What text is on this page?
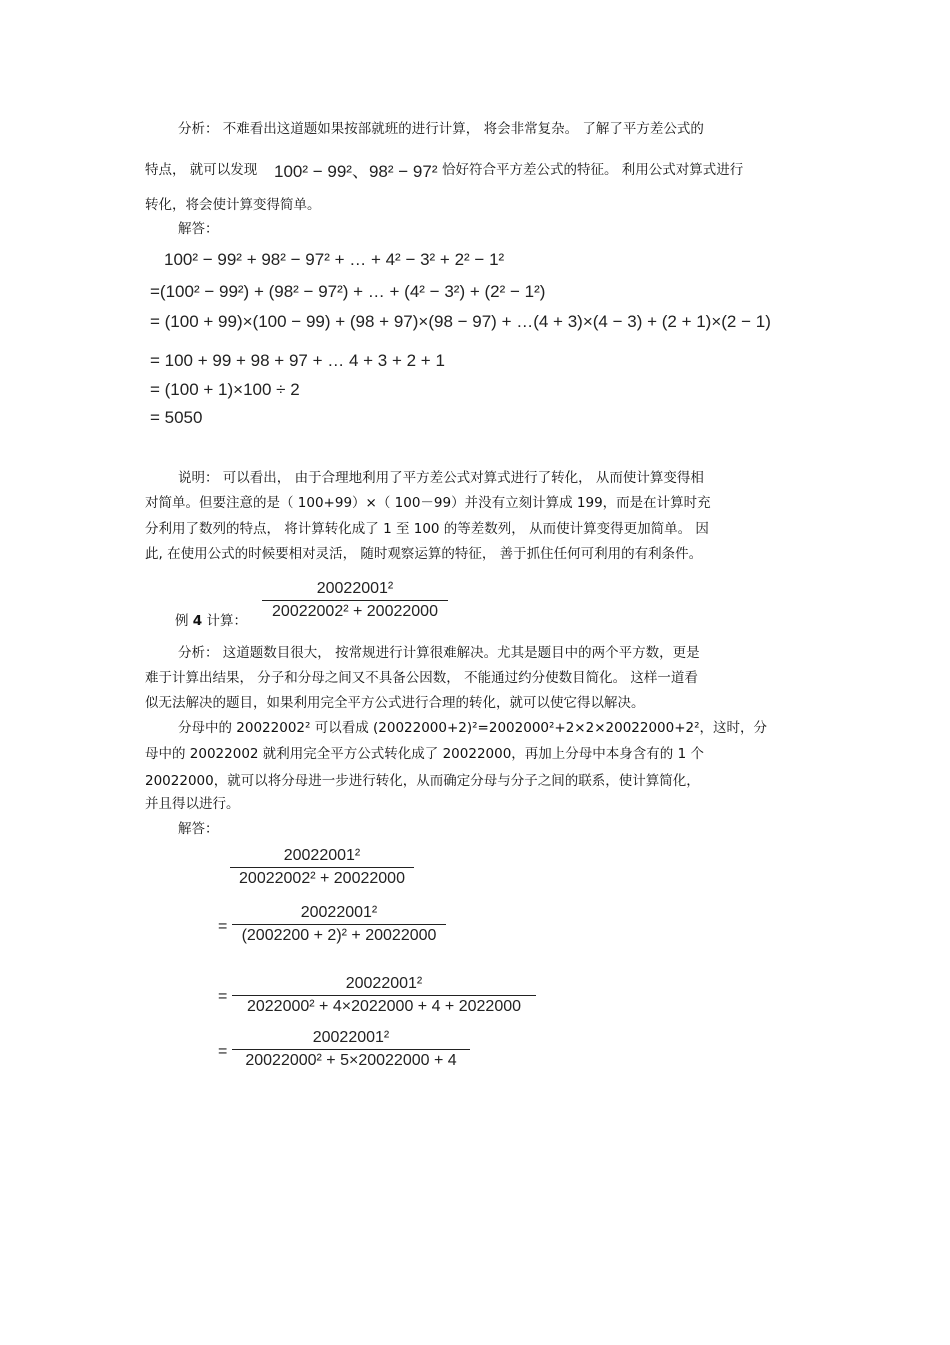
分析： 不难看出这道题如果按部就班的进行计算， 将会非常复杂。 了解了平方差公式的
特点， 就可以发现 100² − 99²、98² − 97² 恰好符合平方差公式的特征。 利用公式对算式进行
转化，将会使计算变得简单。
解答：
100² − 99² + 98² − 97² + … + 4² − 3² + 2² − 1²
=(100² − 99²) + (98² − 97²) + … + (4² − 3²) + (2² − 1²)
= (100 + 99)×(100 − 99) + (98 + 97)×(98 − 97) + …(4 + 3)×(4 − 3) + (2 + 1)×(2 − 1)
= 100 + 99 + 98 + 97 + … 4 + 3 + 2 + 1
= (100 + 1)×100 ÷ 2
= 5050
说明： 可以看出， 由于合理地利用了平方差公式对算式进行了转化， 从而使计算变得相
对简单。但要注意的是（ 100+99）×（ 100－99）并没有立刻计算成 199，而是在计算时充
分利用了数列的特点， 将计算转化成了 1 至 100 的等差数列， 从而使计算变得更加简单。 因
此, 在使用公式的时候要相对灵活， 随时观察运算的特征， 善于抓住任何可利用的有利条件。
例 4 计算：
20022001²
20022002² + 20022000
分析： 这道题数目很大， 按常规进行计算很难解决。尤其是题目中的两个平方数，更是
难于计算出结果， 分子和分母之间又不具备公因数， 不能通过约分使数目简化。 这样一道看
似无法解决的题目，如果利用完全平方公式进行合理的转化，就可以使它得以解决。
分母中的 20022002² 可以看成 (20022000+2)²=2002000²+2×2×20022000+2²，这时，分
母中的 20022002 就利用完全平方公式转化成了 20022000，再加上分母中本身含有的 1 个
20022000，就可以将分母进一步进行转化，从而确定分母与分子之间的联系，使计算简化，
并且得以进行。
解答：
20022001²
20022002² + 20022000
=
20022001²
(2002200 + 2)² + 20022000
=
20022001²
2022000² + 4×2022000 + 4 + 2022000
=
20022001²
20022000² + 5×20022000 + 4
